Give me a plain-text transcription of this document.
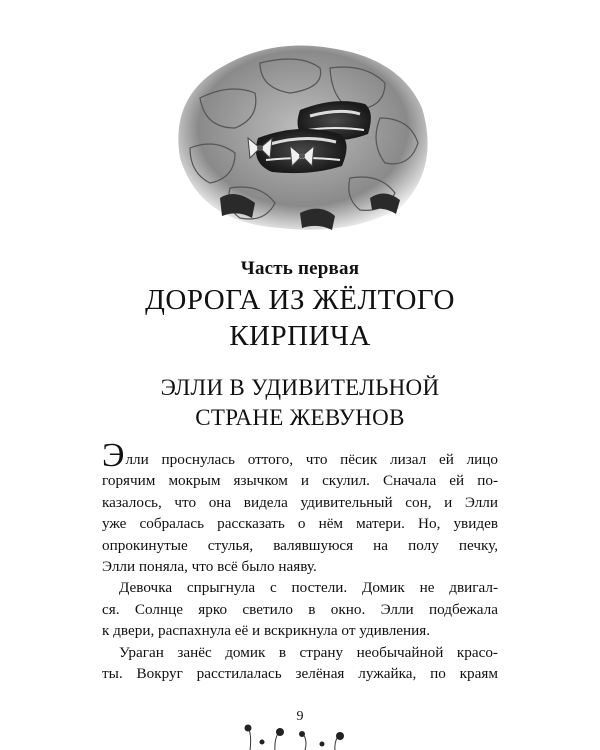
Часть первая
ДОРОГА ИЗ ЖЁЛТОГО
КИРПИЧА
ЭЛЛИ В УДИВИТЕЛЬНОЙ
СТРАНЕ ЖЕВУНОВ

Элли проснулась оттого, что пёсик лизал ей лицо
горячим мокрым язычком и скулил. Сначала ей по-
казалось, что она видела удивительный сон, и Элли
уже собралась рассказать о нём матери. Но, увидев
опрокинутые стулья, валявшуюся на полу печку,
Элли поняла, что всё было наяву.

Девочка спрыгнула с постели. Домик не двигал-
ся. Солнце ярко светило в окно. Элли подбежала
к двери, распахнула её и вскрикнула от удивления.

Ураган занёс домик в страну необычайной красо-
ты. Вокруг расстилалась зелёная лужайка, по краям

9
